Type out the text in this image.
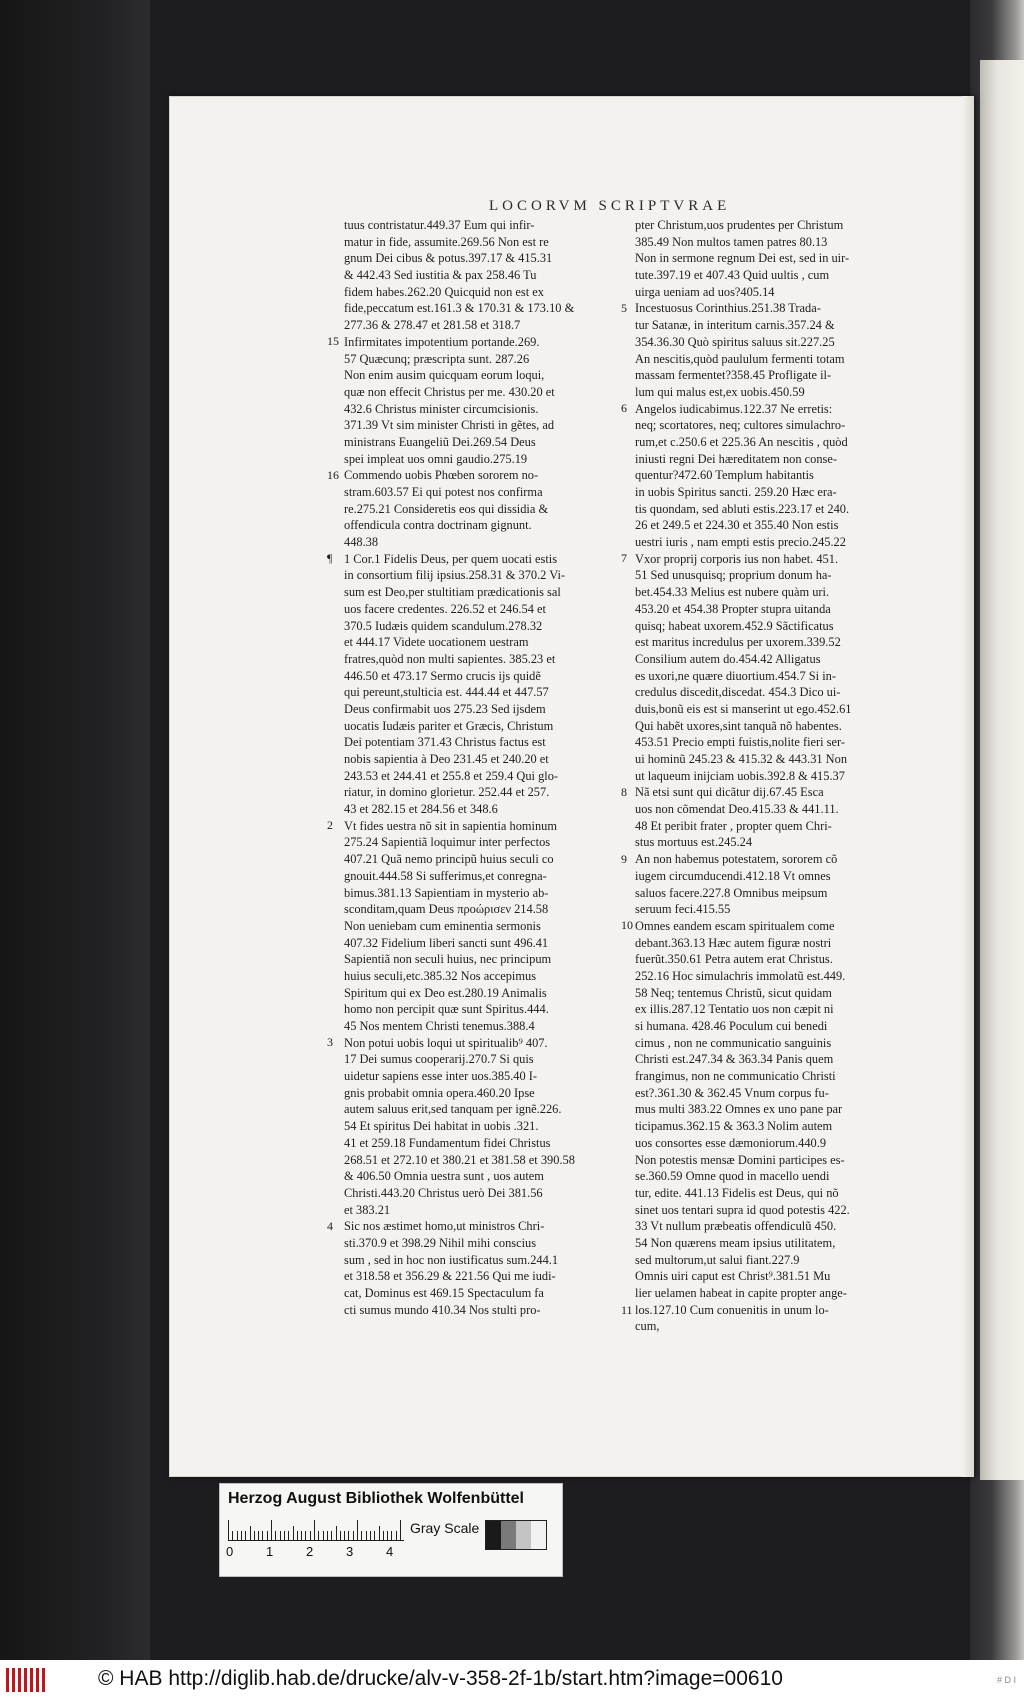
LOCORVM SCRIPTVRAE
tuus contristatur.449.37 Eum qui infir-
matur in fide, assumite.269.56 Non est re
gnum Dei cibus & potus.397.17 & 415.31
& 442.43 Sed iustitia & pax 258.46 Tu
fidem habes.262.20 Quicquid non est ex
fide,peccatum est.161.3 & 170.31 & 173.10 &
277.36 & 278.47 et 281.58 et 318.7
Infirmitates impotentium portande.269.
57 Quæcunq; præscripta sunt. 287.26
Non enim ausim quicquam eorum loqui,
quæ non effecit Christus per me. 430.20 et
432.6 Christus minister circumcisionis.
371.39 Vt sim minister Christi in gẽtes, ad
ministrans Euangeliũ Dei.269.54 Deus
spei impleat uos omni gaudio.275.19
Commendo uobis Phœben sororem no-
stram.603.57 Ei qui potest nos confirma
re.275.21 Consideretis eos qui dissidia &
offendicula contra doctrinam gignunt.
448.38
1 Cor.1 Fidelis Deus, per quem uocati estis
in consortium filij ipsius.258.31 & 370.2 Vi-
sum est Deo,per stultitiam prædicationis sal
uos facere credentes. 226.52 et 246.54 et
370.5 Iudæis quidem scandulum.278.32
et 444.17 Videte uocationem uestram
fratres,quòd non multi sapientes. 385.23 et
446.50 et 473.17 Sermo crucis ijs quidẽ
qui pereunt,stulticia est. 444.44 et 447.57
Deus confirmabit uos 275.23 Sed ijsdem
uocatis Iudæis pariter et Græcis, Christum
Dei potentiam 371.43 Christus factus est
nobis sapientia à Deo 231.45 et 240.20 et
243.53 et 244.41 et 255.8 et 259.4 Qui glo-
riatur, in domino glorietur. 252.44 et 257.
43 et 282.15 et 284.56 et 348.6
Vt fides uestra nõ sit in sapientia hominum
275.24 Sapientiã loquimur inter perfectos
407.21 Quã nemo principũ huius seculi co
gnouit.444.58 Si sufferimus,et conregna-
bimus.381.13 Sapientiam in mysterio ab-
sconditam,quam Deus προώρισεν 214.58
Non ueniebam cum eminentia sermonis
407.32 Fidelium liberi sancti sunt 496.41
Sapientiã non seculi huius, nec principum
huius seculi,etc.385.32 Nos accepimus
Spiritum qui ex Deo est.280.19 Animalis
homo non percipit quæ sunt Spiritus.444.
45 Nos mentem Christi tenemus.388.4
Non potui uobis loqui ut spiritualib⁹ 407.
17 Dei sumus cooperarij.270.7 Si quis
uidetur sapiens esse inter uos.385.40 I-
gnis probabit omnia opera.460.20 Ipse
autem saluus erit,sed tanquam per ignẽ.226.
54 Et spiritus Dei habitat in uobis .321.
41 et 259.18 Fundamentum fidei Christus
268.51 et 272.10 et 380.21 et 381.58 et 390.58
& 406.50 Omnia uestra sunt , uos autem
Christi.443.20 Christus uerò Dei 381.56
et 383.21
Sic nos æstimet homo,ut ministros Chri-
sti.370.9 et 398.29 Nihil mihi conscius
sum , sed in hoc non iustificatus sum.244.1
et 318.58 et 356.29 & 221.56 Qui me iudi-
cat, Dominus est 469.15 Spectaculum fa
cti sumus mundo 410.34 Nos stulti pro-
pter Christum,uos prudentes per Christum
385.49 Non multos tamen patres 80.13
Non in sermone regnum Dei est, sed in uir-
tute.397.19 et 407.43 Quid uultis , cum
uirga ueniam ad uos?405.14
Incestuosus Corinthius.251.38 Trada-
tur Satanæ, in interitum carnis.357.24 &
354.36.30 Quò spiritus saluus sit.227.25
An nescitis,quòd paululum fermenti totam
massam fermentet?358.45 Profligate il-
lum qui malus est,ex uobis.450.59
Angelos iudicabimus.122.37 Ne erretis:
neq; scortatores, neq; cultores simulachro-
rum,et c.250.6 et 225.36 An nescitis , quòd
iniusti regni Dei hæreditatem non conse-
quentur?472.60 Templum habitantis
in uobis Spiritus sancti. 259.20 Hæc era-
tis quondam, sed abluti estis.223.17 et 240.
26 et 249.5 et 224.30 et 355.40 Non estis
uestri iuris , nam empti estis precio.245.22
Vxor proprij corporis ius non habet. 451.
51 Sed unusquisq; proprium donum ha-
bet.454.33 Melius est nubere quàm uri.
453.20 et 454.38 Propter stupra uitanda
quisq; habeat uxorem.452.9 Sãctificatus
est maritus incredulus per uxorem.339.52
Consilium autem do.454.42 Alligatus
es uxori,ne quære diuortium.454.7 Si in-
credulus discedit,discedat. 454.3 Dico ui-
duis,bonũ eis est si manserint ut ego.452.61
Qui habẽt uxores,sint tanquã nõ habentes.
453.51 Precio empti fuistis,nolite fieri ser-
ui hominũ 245.23 & 415.32 & 443.31 Non
ut laqueum inijciam uobis.392.8 & 415.37
Nã etsi sunt qui dicãtur dij.67.45 Esca
uos non cõmendat Deo.415.33 & 441.11.
48 Et peribit frater , propter quem Chri-
stus mortuus est.245.24
An non habemus potestatem, sororem cõ
iugem circumducendi.412.18 Vt omnes
saluos facere.227.8 Omnibus meipsum
seruum feci.415.55
Omnes eandem escam spiritualem come
debant.363.13 Hæc autem figuræ nostri
fuerũt.350.61 Petra autem erat Christus.
252.16 Hoc simulachris immolatũ est.449.
58 Neq; tentemus Christũ, sicut quidam
ex illis.287.12 Tentatio uos non cæpit ni
si humana. 428.46 Poculum cui benedi
cimus , non ne communicatio sanguinis
Christi est.247.34 & 363.34 Panis quem
frangimus, non ne communicatio Christi
est?.361.30 & 362.45 Vnum corpus fu-
mus multi 383.22 Omnes ex uno pane par
ticipamus.362.15 & 363.3 Nolim autem
uos consortes esse dæmoniorum.440.9
Non potestis mensæ Domini participes es-
se.360.59 Omne quod in macello uendi
tur, edite. 441.13 Fidelis est Deus, qui nõ
sinet uos tentari supra id quod potestis 422.
33 Vt nullum præbeatis offendiculũ 450.
54 Non quærens meam ipsius utilitatem,
sed multorum,ut salui fiant.227.9
Omnis uiri caput est Christ⁹.381.51 Mu
lier uelamen habeat in capite propter ange-
los.127.10 Cum conuenitis in unum lo-
cum,
15
16
¶
2
3
4
5
6
7
8
9
10
11
Herzog August Bibliothek Wolfenbüttel
0	1	2	3	4
Gray Scale
© HAB http://diglib.hab.de/drucke/alv-v-358-2f-1b/start.htm?image=00610	# D I
